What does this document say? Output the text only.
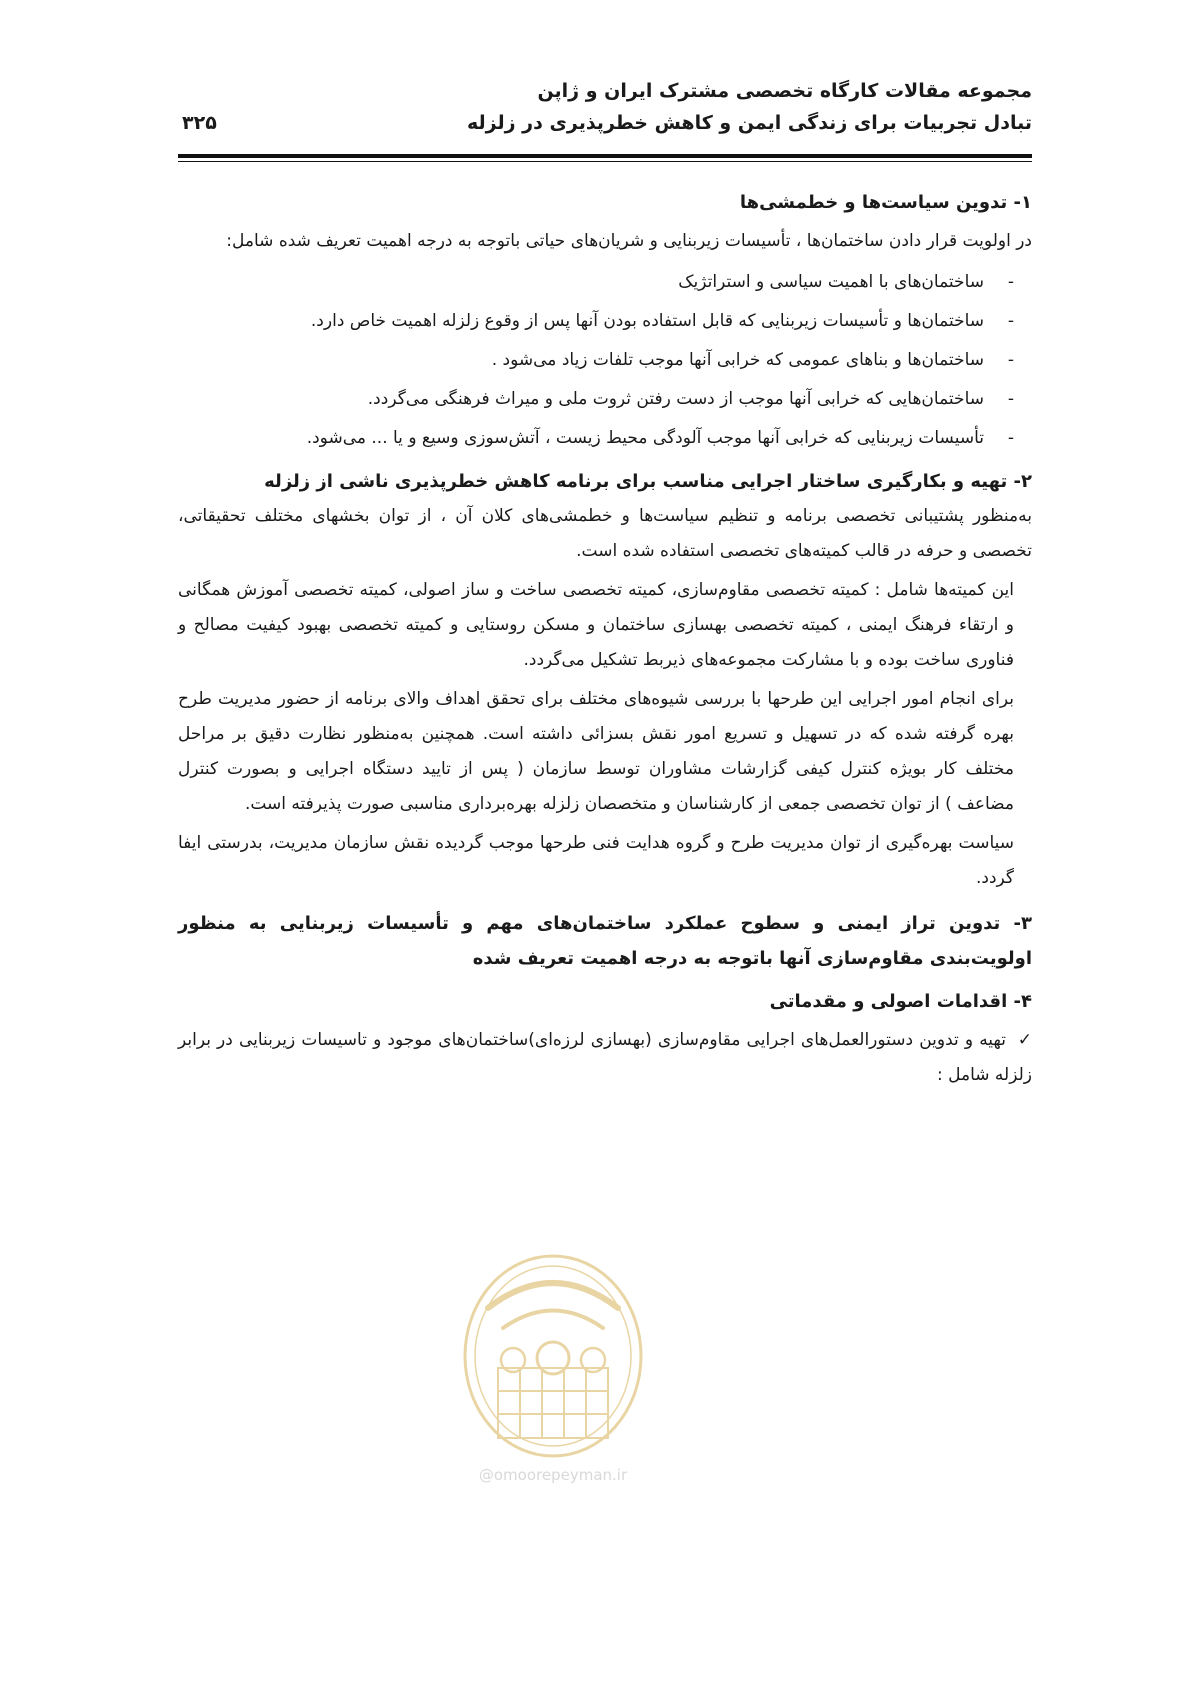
مجموعه مقالات کارگاه تخصصی مشترک ایران و ژاپن
تبادل تجربیات برای زندگی ایمن و کاهش خطرپذیری در زلزله
۳۲۵

۱- تدوین سیاست‌ها و خطمشی‌ها

در اولویت قرار دادن ساختمان‌ها ، تأسیسات زیربنایی و شریان‌های حیاتی باتوجه به درجه اهمیت تعریف شده شامل:

-ساختمان‌های با اهمیت سیاسی و استراتژیک
-ساختمان‌ها و تأسیسات زیربنایی که قابل استفاده بودن آنها پس از وقوع زلزله اهمیت خاص دارد.
-ساختمان‌ها و بناهای عمومی که خرابی آنها موجب تلفات زیاد می‌شود .
-ساختمان‌هایی که خرابی آنها موجب از دست رفتن ثروت ملی و میراث فرهنگی می‌گردد.
-تأسیسات زیربنایی که خرابی آنها موجب آلودگی محیط زیست ، آتش‌سوزی وسیع و یا ... می‌شود.

۲- تهیه و بکارگیری ساختار اجرایی مناسب برای برنامه کاهش خطرپذیری ناشی از زلزله

به‌منظور پشتیبانی تخصصی برنامه و تنظیم سیاست‌ها و خطمشی‌های کلان آن ، از توان بخشهای مختلف تحقیقاتی، تخصصی و حرفه در قالب کمیته‌های تخصصی استفاده شده است.

این کمیته‌ها شامل : کمیته تخصصی مقاوم‌سازی، کمیته تخصصی ساخت و ساز اصولی، کمیته تخصصی آموزش همگانی و ارتقاء فرهنگ ایمنی ، کمیته تخصصی بهسازی ساختمان و مسکن روستایی و کمیته تخصصی بهبود کیفیت مصالح و فناوری ساخت بوده و با مشارکت مجموعه‌های ذیربط تشکیل می‌گردد.

برای انجام امور اجرایی این طرحها با بررسی شیوه‌های مختلف برای تحقق اهداف والای برنامه از حضور مدیریت طرح بهره گرفته شده که در تسهیل و تسریع امور نقش بسزائی داشته است. همچنین به‌منظور نظارت دقیق بر مراحل مختلف کار بویژه کنترل کیفی گزارشات مشاوران توسط سازمان ( پس از تایید دستگاه اجرایی و بصورت کنترل مضاعف ) از توان تخصصی جمعی از کارشناسان و متخصصان زلزله بهره‌برداری مناسبی صورت پذیرفته است.

سیاست بهره‌گیری از توان مدیریت طرح و گروه هدایت فنی طرحها موجب گردیده نقش سازمان مدیریت، بدرستی ایفا گردد.

۳- تدوین تراز ایمنی و سطوح عملکرد ساختمان‌های مهم و تأسیسات زیربنایی به منظور اولویت‌بندی مقاوم‌سازی آنها باتوجه به درجه اهمیت تعریف شده

۴- اقدامات اصولی و مقدماتی

✓تهیه و تدوین دستورالعمل‌های اجرایی مقاوم‌سازی (بهسازی لرزه‌ای)ساختمان‌های موجود و تاسیسات زیربنایی در برابر زلزله شامل :

@omoorepeyman.ir
